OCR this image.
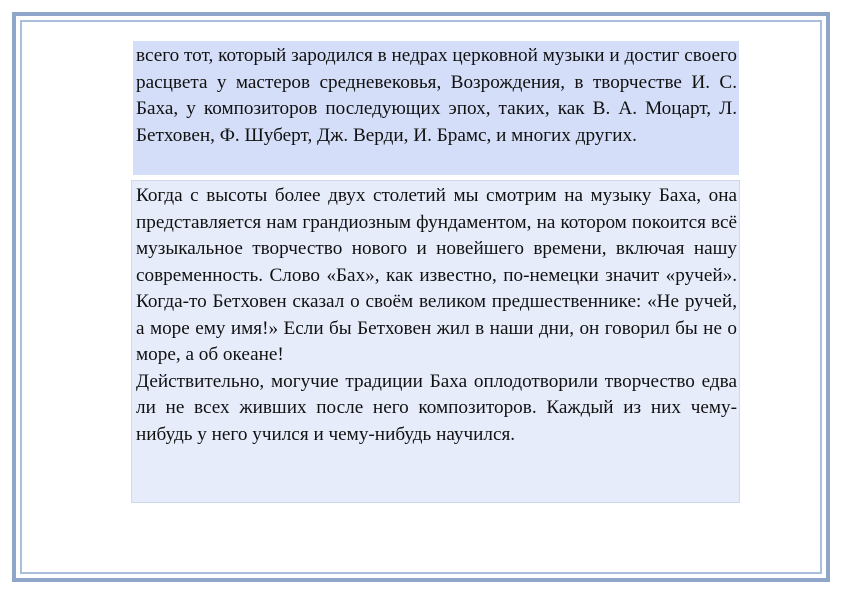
всего тот, который зародился в недрах церковной музыки и достиг своего расцвета у мастеров средневековья, Возрождения, в творчестве И. С. Баха, у композиторов последующих эпох, таких, как В. А. Моцарт, Л. Бетховен, Ф. Шуберт, Дж. Верди, И. Брамс, и многих других.

Когда с высоты более двух столетий мы смотрим на музыку Баха, она представляется нам грандиозным фундаментом, на котором покоится всё музыкальное творчество нового и новейшего времени, включая нашу современность. Слово «Бах», как известно, по-немецки значит «ручей». Когда-то Бетховен сказал о своём великом предшественнике: «Не ручей, а море ему имя!» Если бы Бетховен жил в наши дни, он говорил бы не о море, а об океане!

Действительно, могучие традиции Баха оплодотворили творчество едва ли не всех живших после него композиторов. Каждый из них чему-нибудь у него учился и чему-нибудь научился.
